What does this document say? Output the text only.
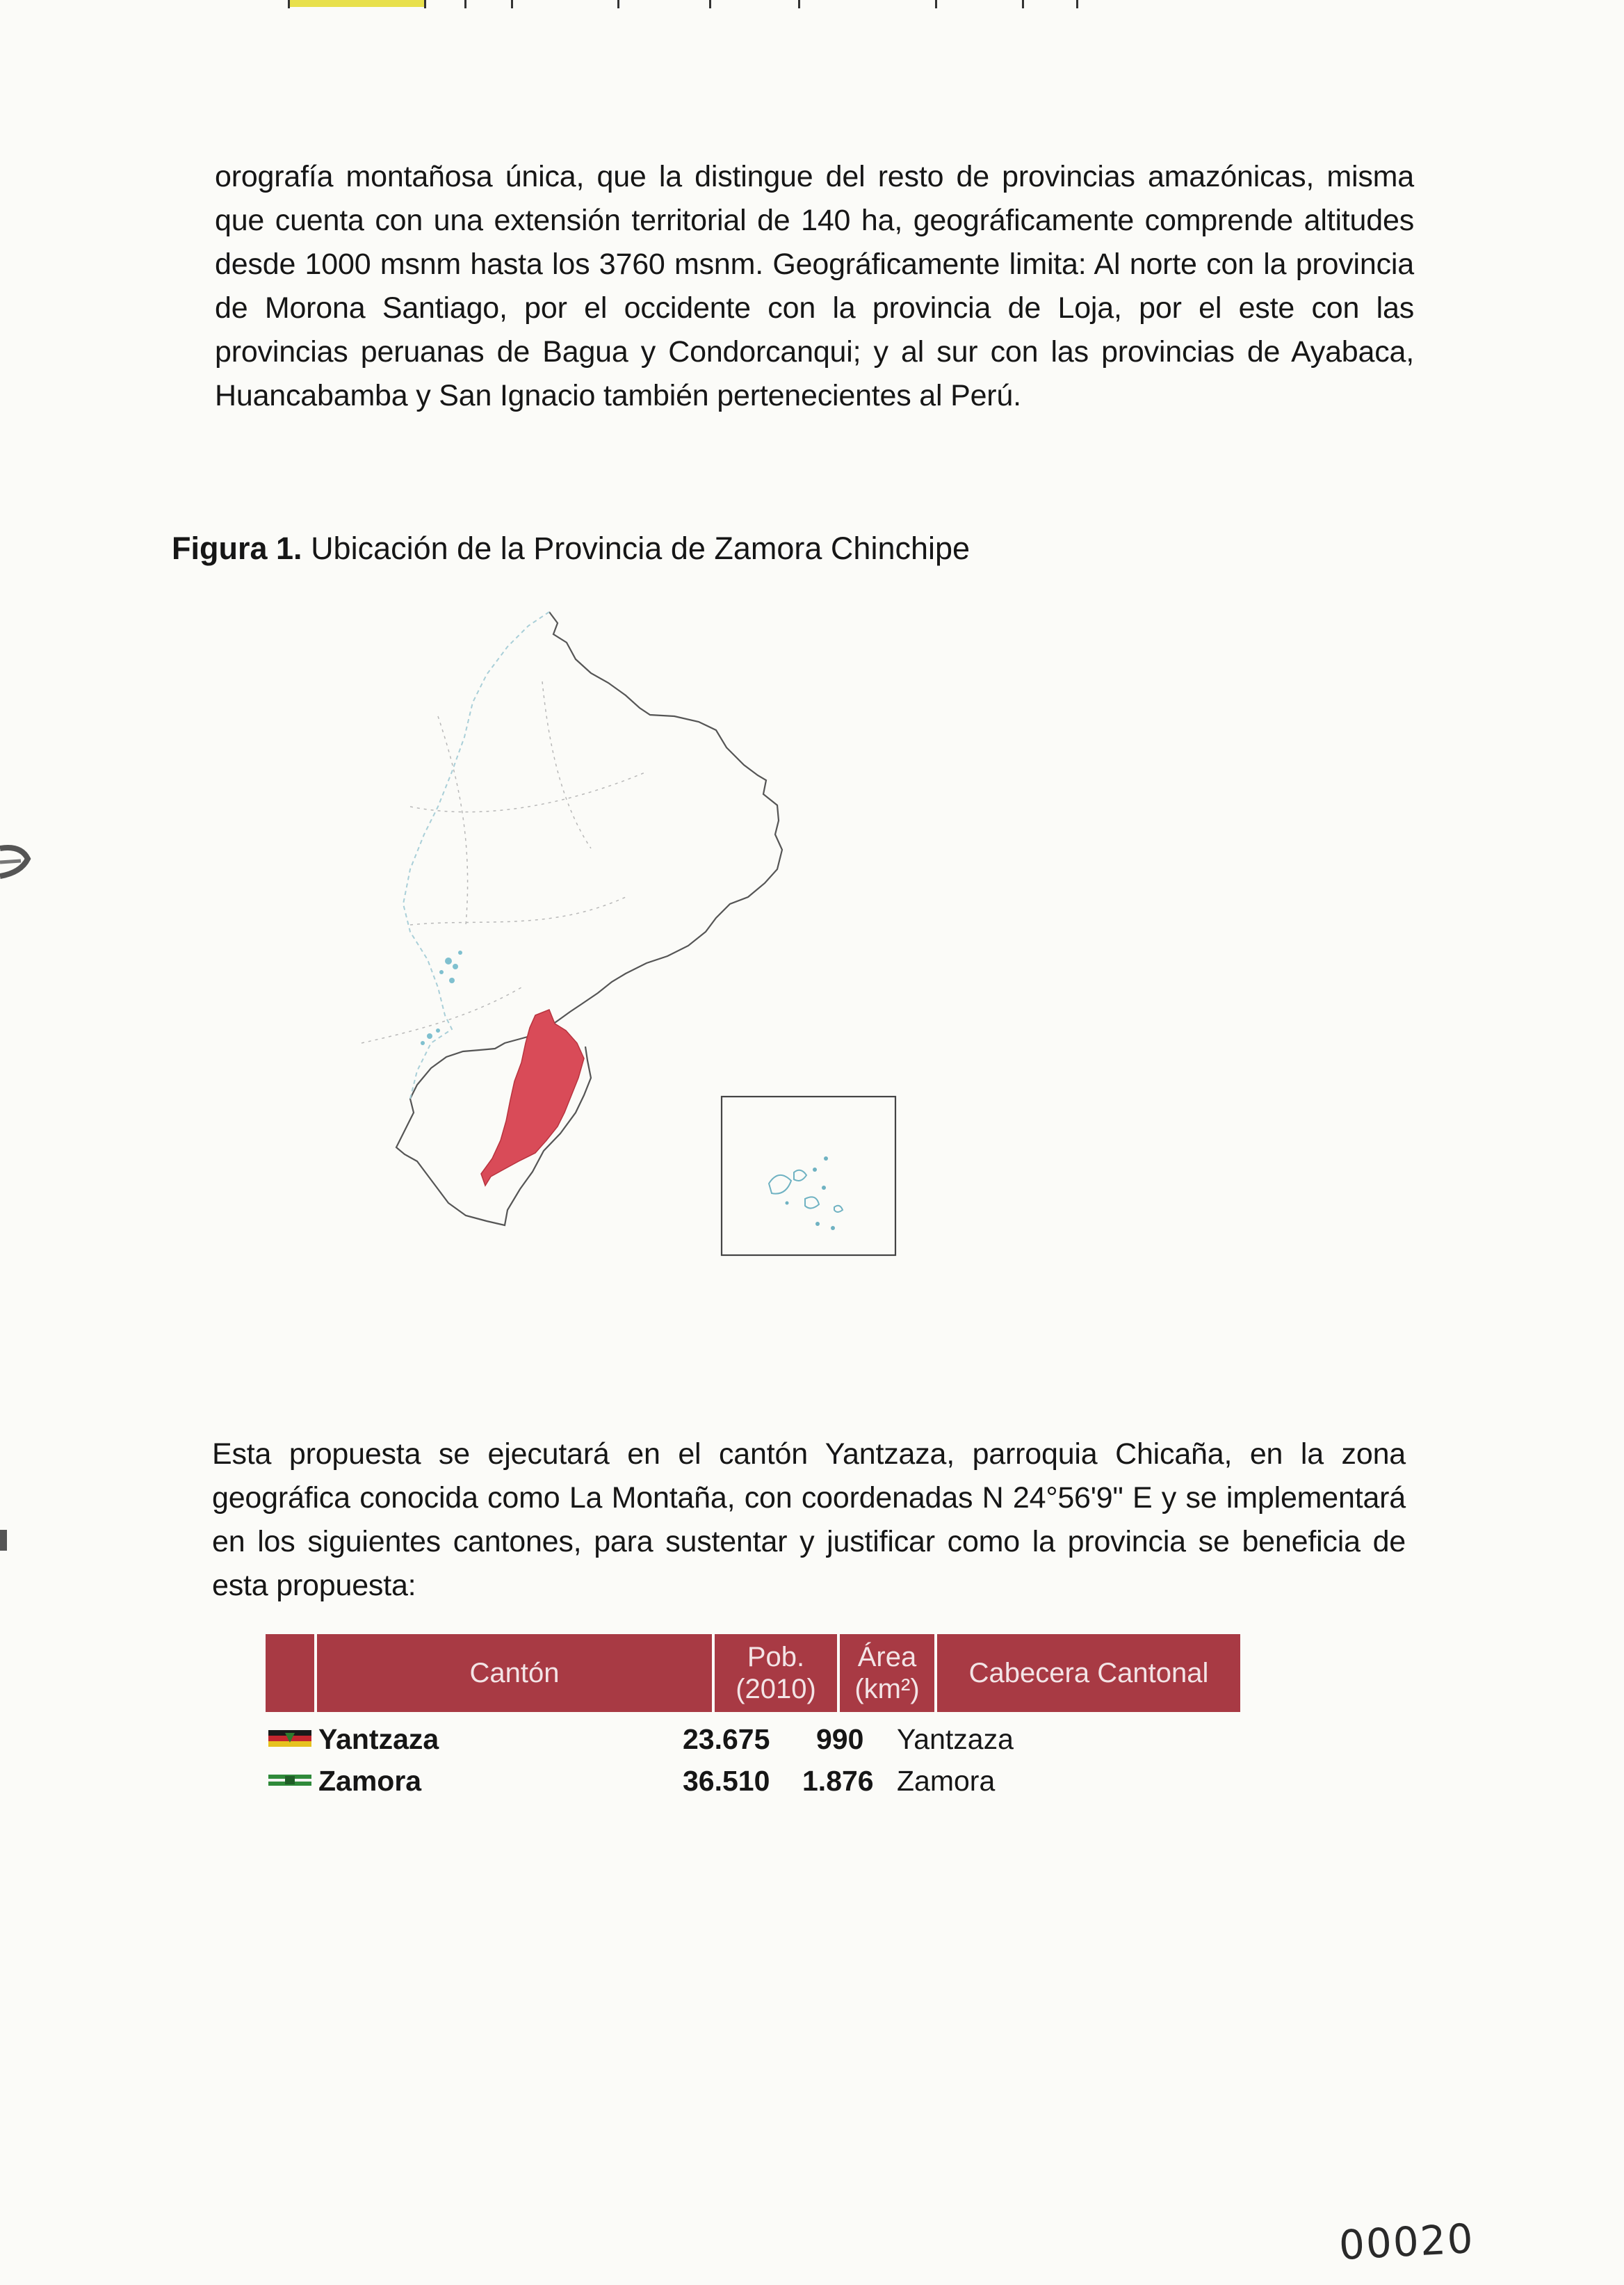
orografía montañosa única, que la distingue del resto de provincias amazónicas, misma que cuenta con una extensión territorial de 140 ha, geográficamente comprende altitudes desde 1000 msnm hasta los 3760 msnm. Geográficamente limita: Al norte con la provincia de Morona Santiago, por el occidente con la provincia de Loja, por el este con las provincias peruanas de Bagua y Condorcanqui; y al sur con las provincias de Ayabaca, Huancabamba y San Ignacio también pertenecientes al Perú.

Figura 1. Ubicación de la Provincia de Zamora Chinchipe

Esta propuesta se ejecutará en el cantón Yantzaza, parroquia Chicaña, en la zona geográfica conocida como La Montaña, con coordenadas N 24°56'9" E y se implementará en los siguientes cantones, para sustentar y justificar como la provincia se beneficia de esta propuesta:

Cantón
Pob.
(2010)
Área
(km²)
Cabecera Cantonal
Yantzaza	23.675 990 Yantzaza
Zamora	36.510 1.876 Zamora
00020
